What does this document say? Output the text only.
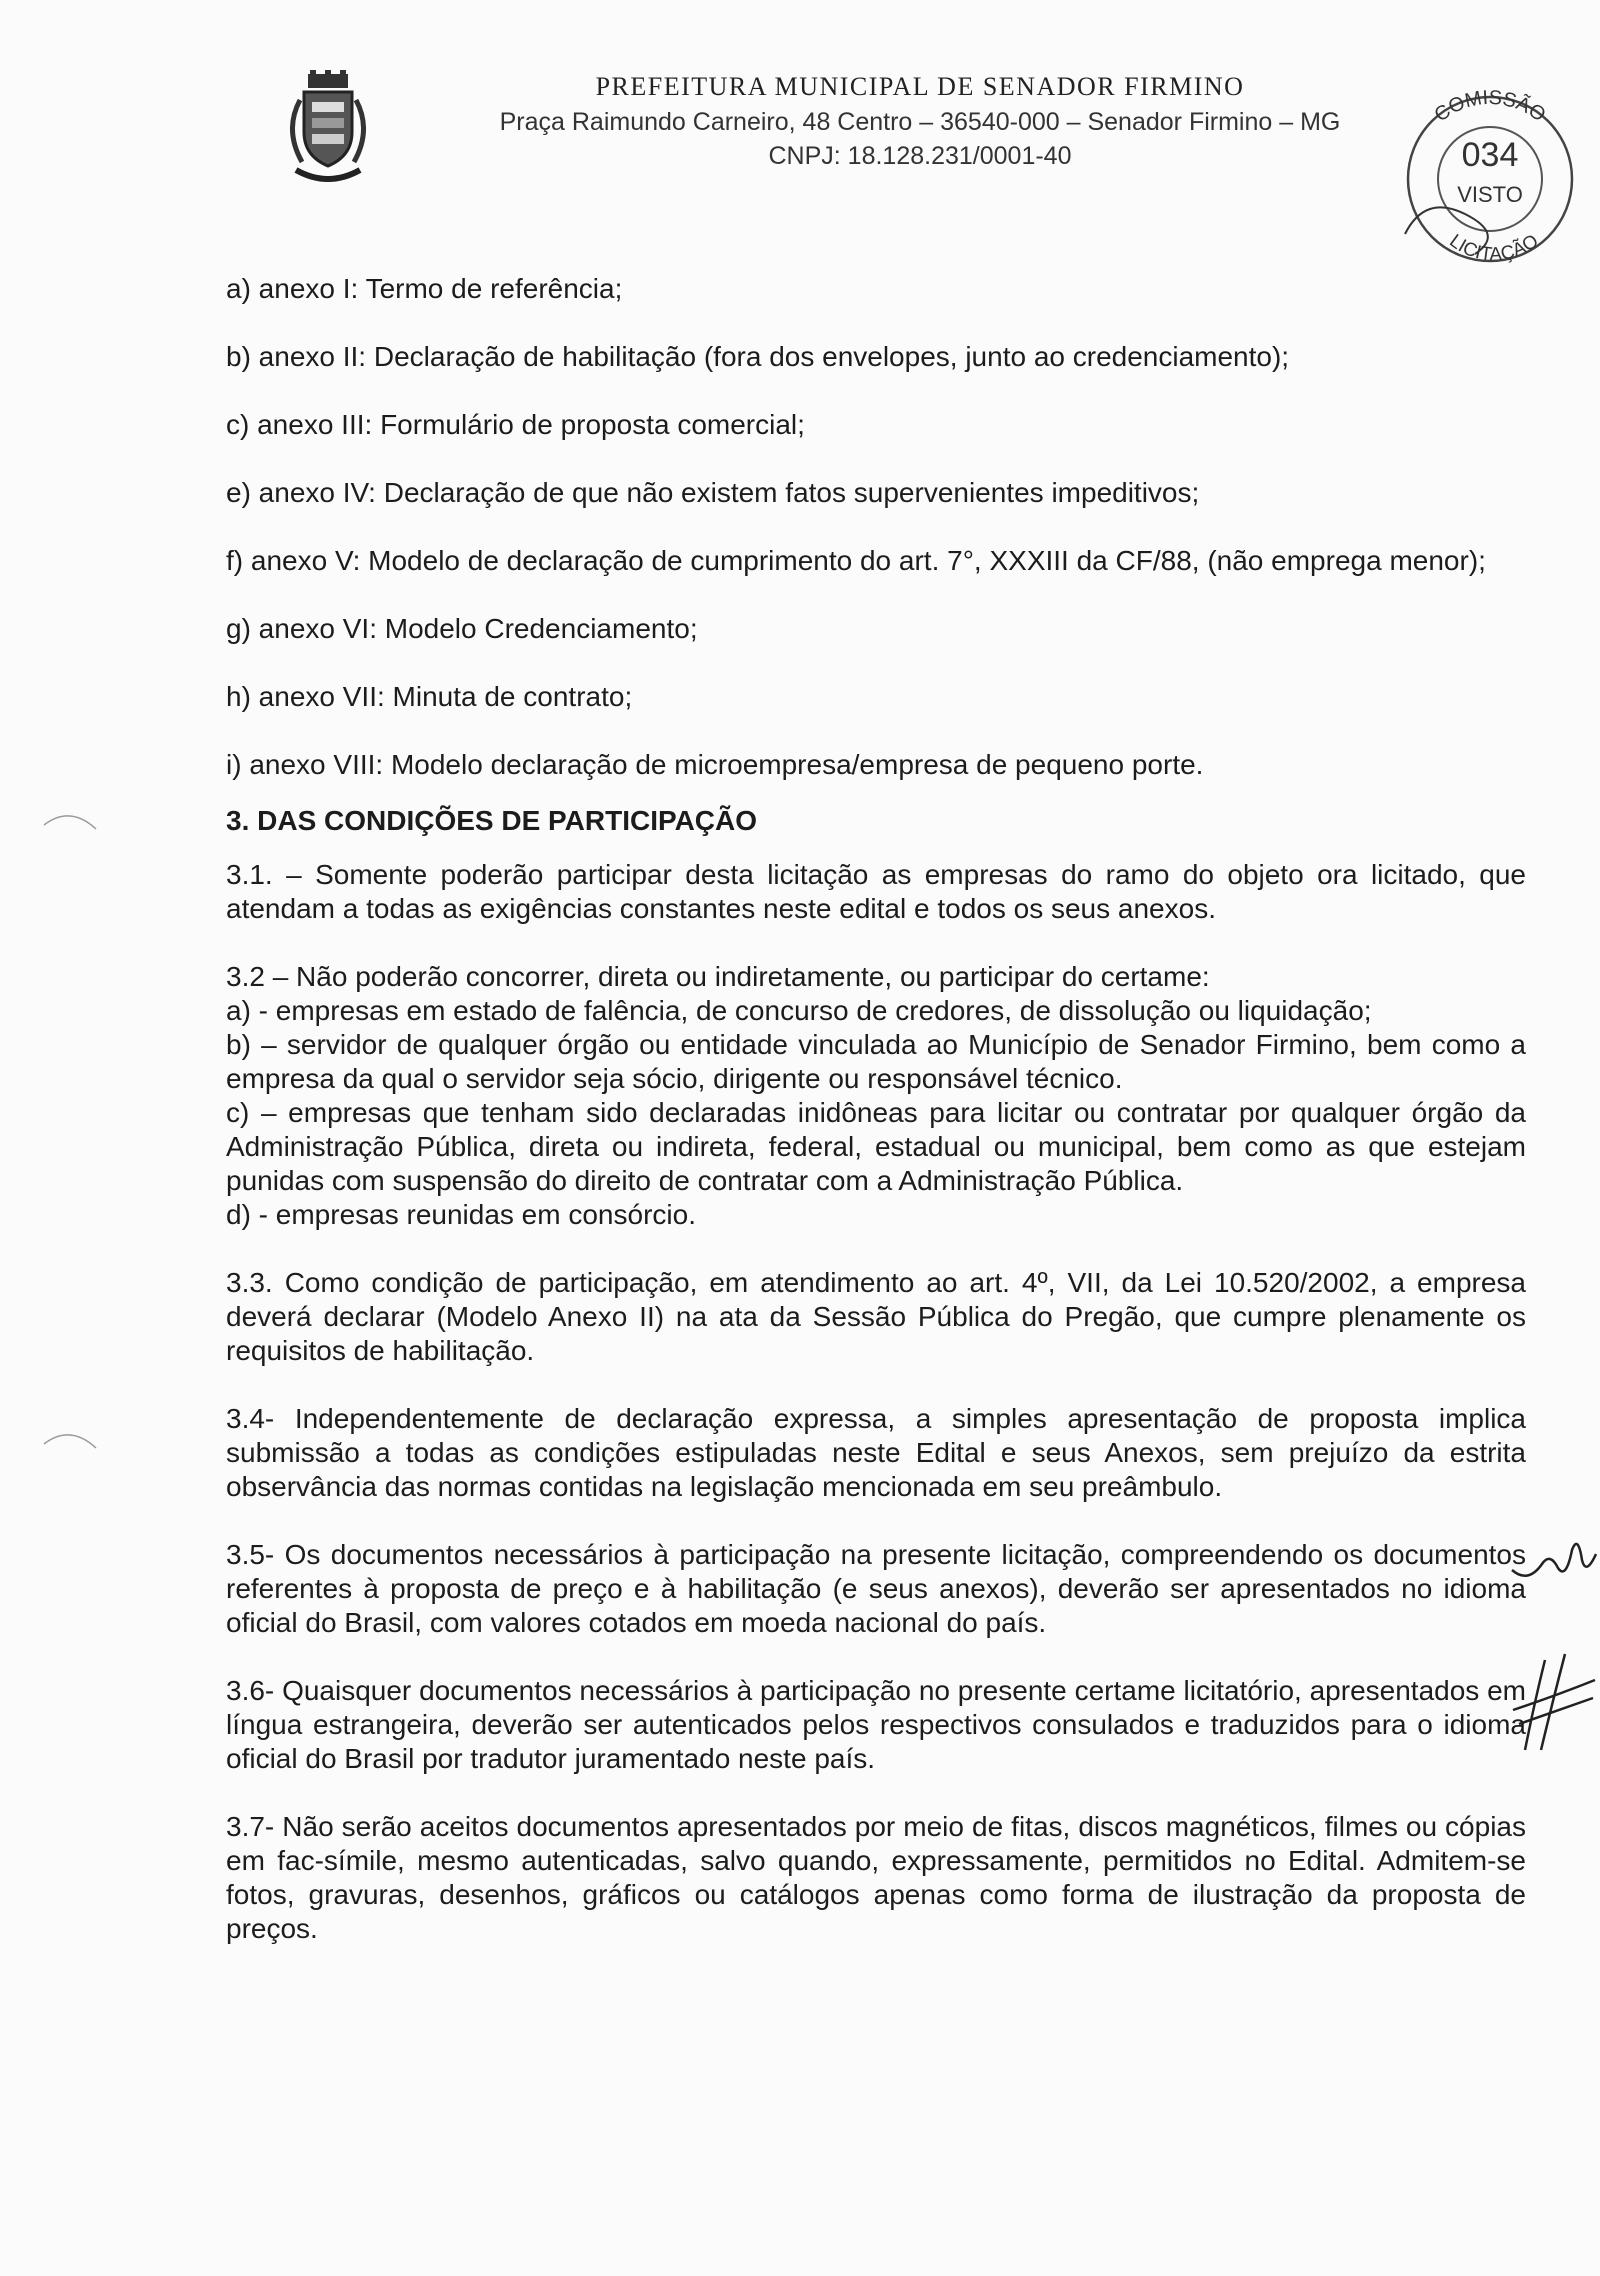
PREFEITURA MUNICIPAL DE SENADOR FIRMINO
Praça Raimundo Carneiro, 48 Centro – 36540-000 – Senador Firmino – MG
CNPJ: 18.128.231/0001-40
COMISSÃO
034
VISTO
LICITAÇÃO
a) anexo I: Termo de referência;
b) anexo II: Declaração de habilitação (fora dos envelopes, junto ao credenciamento);
c) anexo III: Formulário de proposta comercial;
e) anexo IV: Declaração de que não existem fatos supervenientes impeditivos;
f) anexo V: Modelo de declaração de cumprimento do art. 7°, XXXIII da CF/88, (não emprega menor);
g) anexo VI: Modelo Credenciamento;
h) anexo VII: Minuta de contrato;
i) anexo VIII: Modelo declaração de microempresa/empresa de pequeno porte.
3. DAS CONDIÇÕES DE PARTICIPAÇÃO
3.1. – Somente poderão participar desta licitação as empresas do ramo do objeto ora licitado, que atendam a todas as exigências constantes neste edital e todos os seus anexos.
3.2 – Não poderão concorrer, direta ou indiretamente, ou participar do certame:
a) - empresas em estado de falência, de concurso de credores, de dissolução ou liquidação;
b) – servidor de qualquer órgão ou entidade vinculada ao Município de Senador Firmino, bem como a empresa da qual o servidor seja sócio, dirigente ou responsável técnico.
c) – empresas que tenham sido declaradas inidôneas para licitar ou contratar por qualquer órgão da Administração Pública, direta ou indireta, federal, estadual ou municipal, bem como as que estejam punidas com suspensão do direito de contratar com a Administração Pública.
d) - empresas reunidas em consórcio.
3.3. Como condição de participação, em atendimento ao art. 4º, VII, da Lei 10.520/2002, a empresa deverá declarar (Modelo Anexo II) na ata da Sessão Pública do Pregão, que cumpre plenamente os requisitos de habilitação.
3.4- Independentemente de declaração expressa, a simples apresentação de proposta implica submissão a todas as condições estipuladas neste Edital e seus Anexos, sem prejuízo da estrita observância das normas contidas na legislação mencionada em seu preâmbulo.
3.5- Os documentos necessários à participação na presente licitação, compreendendo os documentos referentes à proposta de preço e à habilitação (e seus anexos), deverão ser apresentados no idioma oficial do Brasil, com valores cotados em moeda nacional do país.
3.6- Quaisquer documentos necessários à participação no presente certame licitatório, apresentados em língua estrangeira, deverão ser autenticados pelos respectivos consulados e traduzidos para o idioma oficial do Brasil por tradutor juramentado neste país.
3.7- Não serão aceitos documentos apresentados por meio de fitas, discos magnéticos, filmes ou cópias em fac-símile, mesmo autenticadas, salvo quando, expressamente, permitidos no Edital. Admitem-se fotos, gravuras, desenhos, gráficos ou catálogos apenas como forma de ilustração da proposta de preços.
